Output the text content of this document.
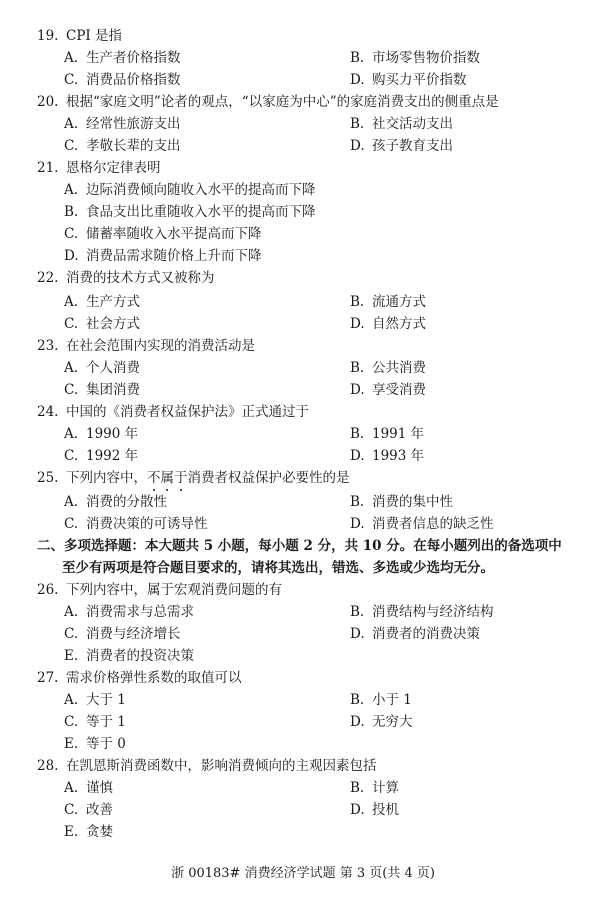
19. CPI 是指
A. 生产者价格指数	B. 市场零售物价指数
C. 消费品价格指数	D. 购买力平价指数
20. 根据“家庭文明”论者的观点，“以家庭为中心”的家庭消费支出的侧重点是
A. 经常性旅游支出	B. 社交活动支出
C. 孝敬长辈的支出	D. 孩子教育支出
21. 恩格尔定律表明
A. 边际消费倾向随收入水平的提高而下降
B. 食品支出比重随收入水平的提高而下降
C. 储蓄率随收入水平提高而下降
D. 消费品需求随价格上升而下降
22. 消费的技术方式又被称为
A. 生产方式	B. 流通方式
C. 社会方式	D. 自然方式
23. 在社会范围内实现的消费活动是
A. 个人消费	B. 公共消费
C. 集团消费	D. 享受消费
24. 中国的《消费者权益保护法》正式通过于
A. 1990 年	B. 1991 年
C. 1992 年	D. 1993 年
25. 下列内容中，不属于消费者权益保护必要性的是
A. 消费的分散性	B. 消费的集中性
C. 消费决策的可诱导性	D. 消费者信息的缺乏性
二、多项选择题：本大题共 5 小题，每小题 2 分，共 10 分。在每小题列出的备选项中
至少有两项是符合题目要求的，请将其选出，错选、多选或少选均无分。
26. 下列内容中，属于宏观消费问题的有
A. 消费需求与总需求	B. 消费结构与经济结构
C. 消费与经济增长	D. 消费者的消费决策
E. 消费者的投资决策
27. 需求价格弹性系数的取值可以
A. 大于 1	B. 小于 1
C. 等于 1	D. 无穷大
E. 等于 0
28. 在凯恩斯消费函数中，影响消费倾向的主观因素包括
A. 谨慎	B. 计算
C. 改善	D. 投机
E. 贪婪
浙 00183# 消费经济学试题 第 3 页(共 4 页)
